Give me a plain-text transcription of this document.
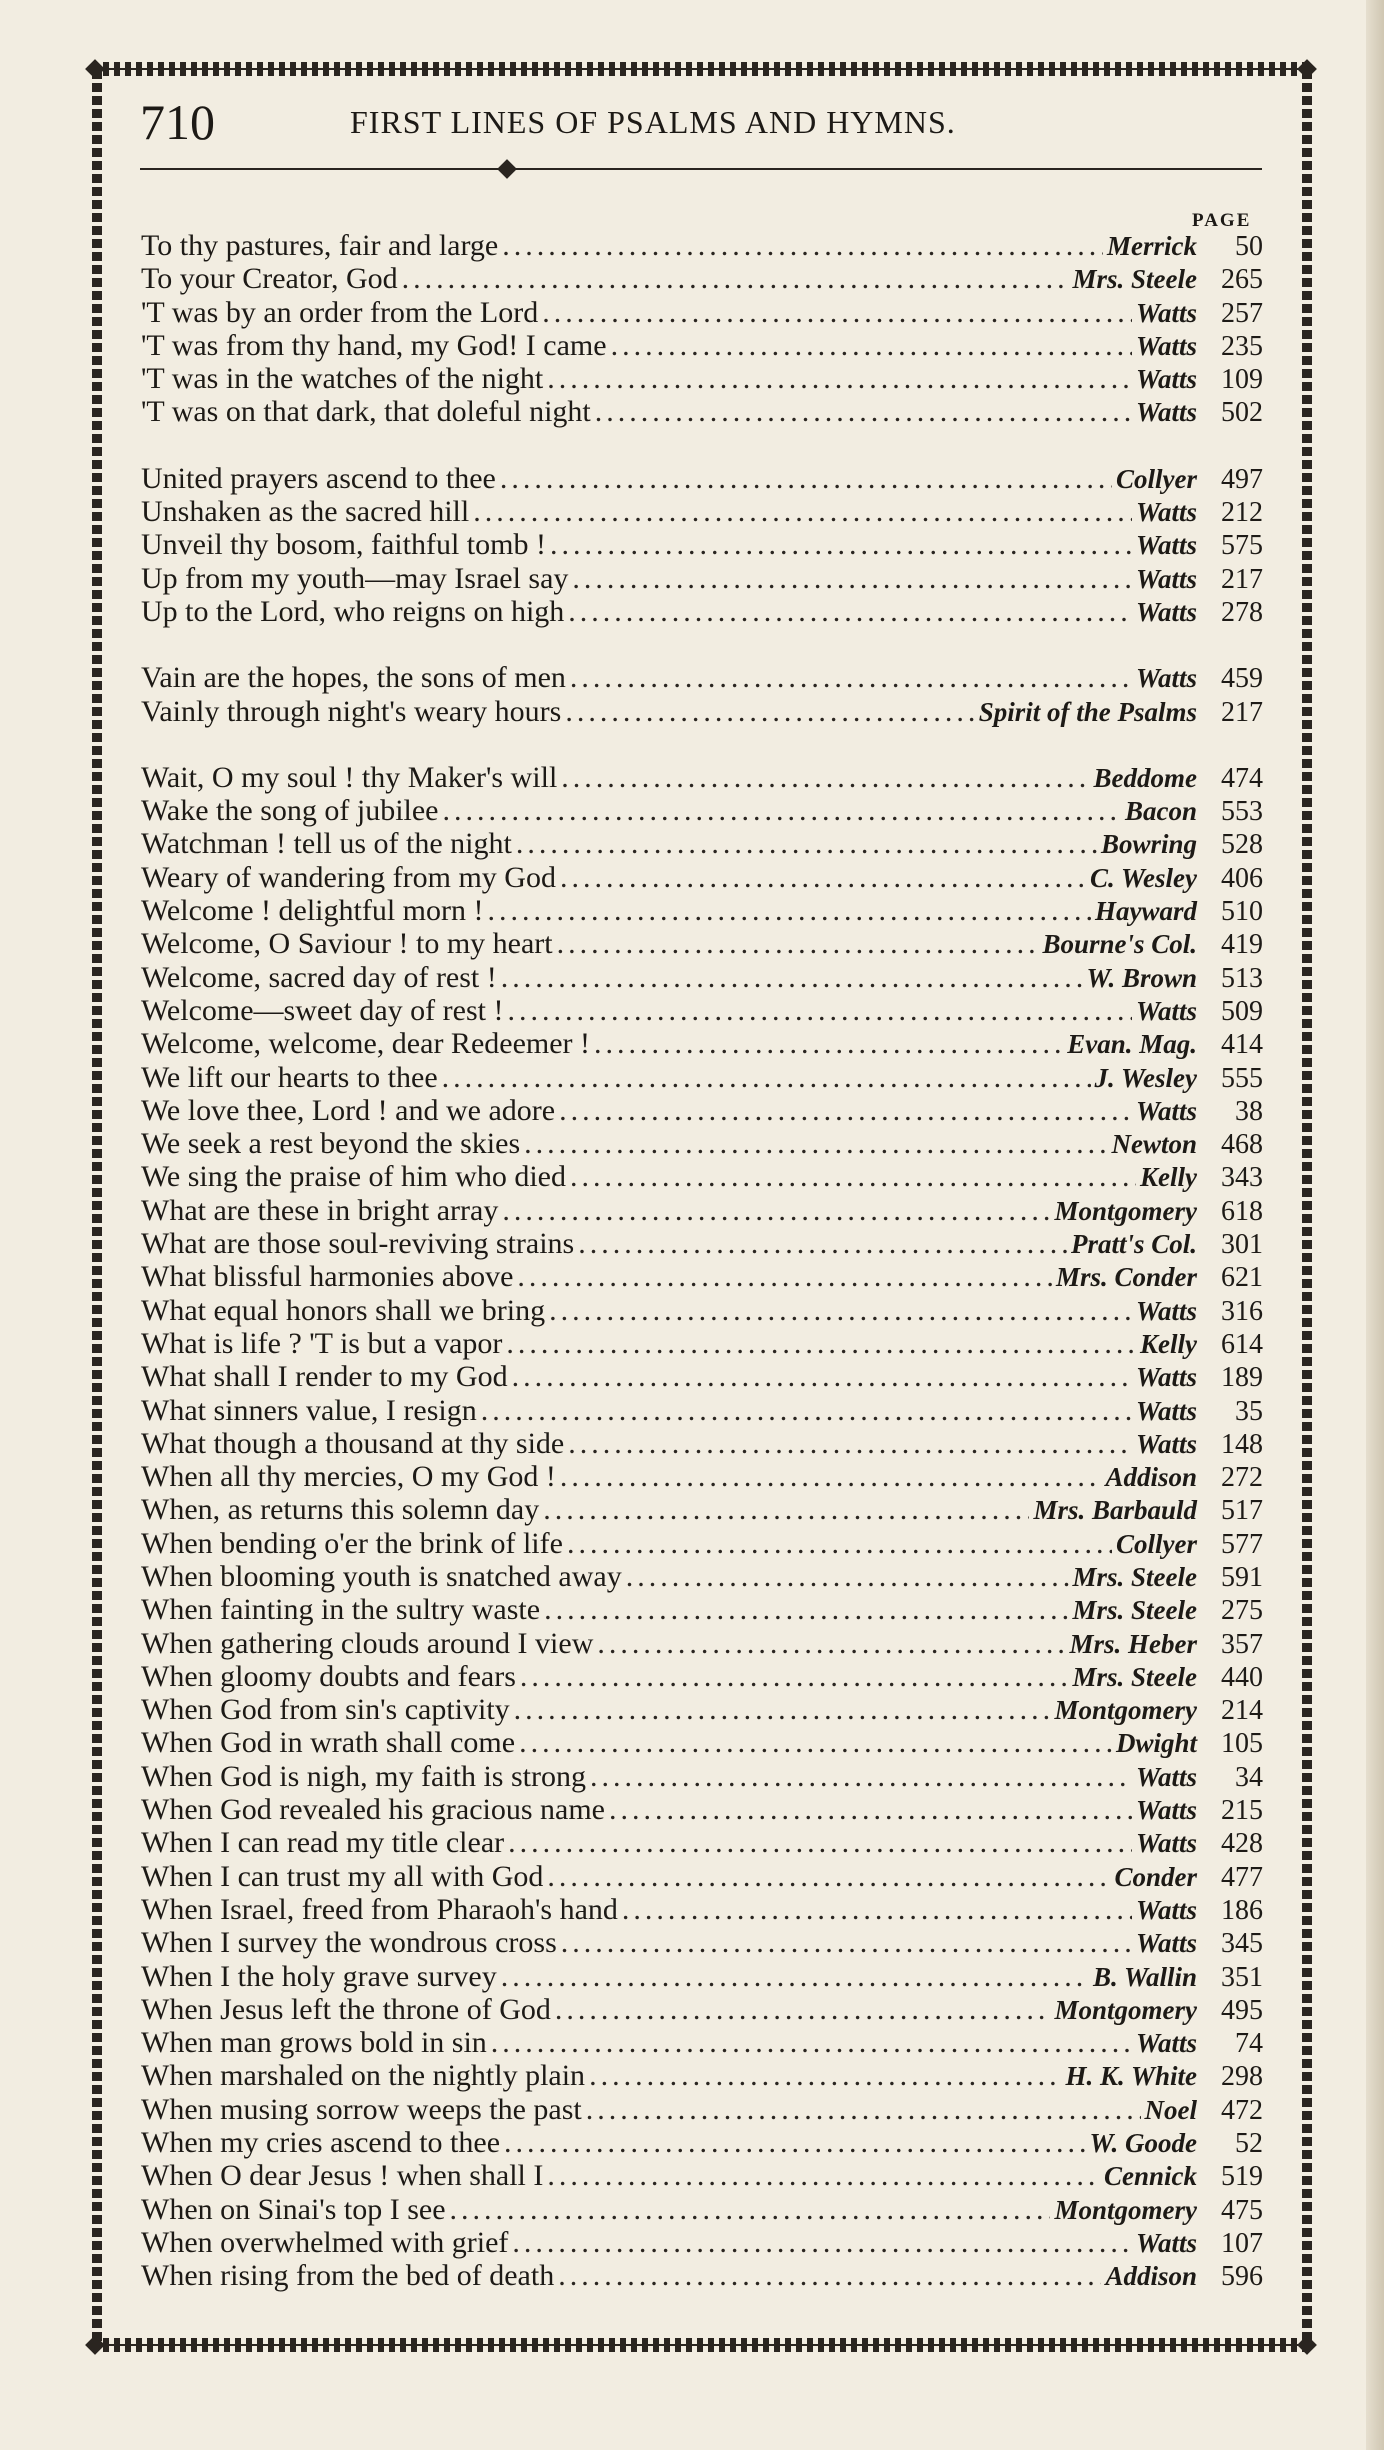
710	FIRST LINES OF PSALMS AND HYMNS.
PAGE
To thy pastures, fair and large .....	Merrick	50
To your Creator, God .....	Mrs. Steele 265
'T was by an order from the Lord .....	Watts 257
'T was from thy hand, my God! I came .....	Watts 235
'T was in the watches of the night .....	Watts 109
'T was on that dark, that doleful night .....	Watts 502
United prayers ascend to thee .....	Collyer 497
Unshaken as the sacred hill .....	Watts 212
Unveil thy bosom, faithful tomb ! .....	Watts 575
Up from my youth—may Israel say .....	Watts 217
Up to the Lord, who reigns on high .....	Watts 278
Vain are the hopes, the sons of men .....	Watts 459
Vainly through night's weary hours .....	Spirit of the Psalms 217
Wait, O my soul ! thy Maker's will .....	Beddome 474
Wake the song of jubilee .....	Bacon 553
Watchman ! tell us of the night .....	Bowring 528
Weary of wandering from my God .....	C. Wesley 406
Welcome ! delightful morn ! .....	Hayward 510
Welcome, O Saviour ! to my heart .....	Bourne's Col. 419
Welcome, sacred day of rest ! .....	W. Brown 513
Welcome—sweet day of rest ! .....	Watts 509
Welcome, welcome, dear Redeemer ! .....	Evan. Mag. 414
We lift our hearts to thee .....	J. Wesley 555
We love thee, Lord ! and we adore .....	Watts	38
We seek a rest beyond the skies .....	Newton 468
We sing the praise of him who died .....	Kelly 343
What are these in bright array .....	Montgomery 618
What are those soul-reviving strains .....	Pratt's Col. 301
What blissful harmonies above .....	Mrs. Conder 621
What equal honors shall we bring .....	Watts 316
What is life ? 'T is but a vapor .....	Kelly 614
What shall I render to my God .....	Watts 189
What sinners value, I resign .....	Watts	35
What though a thousand at thy side .....	Watts 148
When all thy mercies, O my God ! .....	Addison 272
When, as returns this solemn day .....	Mrs. Barbauld 517
When bending o'er the brink of life .....	Collyer 577
When blooming youth is snatched away .....	Mrs. Steele 591
When fainting in the sultry waste .....	Mrs. Steele 275
When gathering clouds around I view .....	Mrs. Heber 357
When gloomy doubts and fears .....	Mrs. Steele 440
When God from sin's captivity .....	Montgomery 214
When God in wrath shall come .....	Dwight 105
When God is nigh, my faith is strong .....	Watts	34
When God revealed his gracious name .....	Watts 215
When I can read my title clear .....	Watts 428
When I can trust my all with God .....	Conder 477
When Israel, freed from Pharaoh's hand .....	Watts 186
When I survey the wondrous cross .....	Watts 345
When I the holy grave survey .....	B. Wallin 351
When Jesus left the throne of God .....	Montgomery 495
When man grows bold in sin .....	Watts	74
When marshaled on the nightly plain .....	H. K. White 298
When musing sorrow weeps the past .....	Noel 472
When my cries ascend to thee .....	W. Goode	52
When O dear Jesus ! when shall I .....	Cennick 519
When on Sinai's top I see .....	Montgomery 475
When overwhelmed with grief .....	Watts 107
When rising from the bed of death .....	Addison 596
